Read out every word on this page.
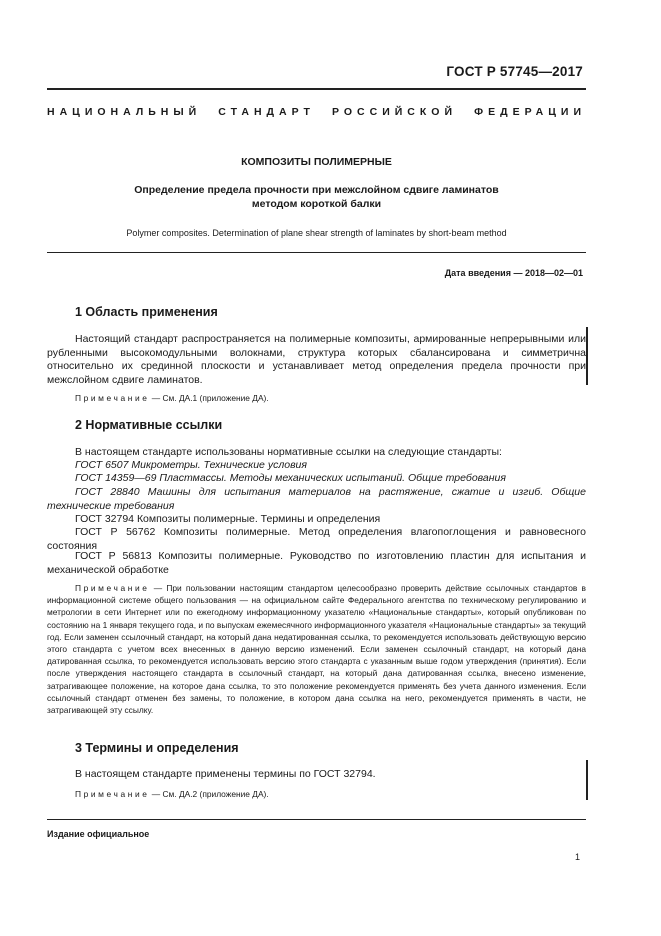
ГОСТ Р 57745—2017
НАЦИОНАЛЬНЫЙ СТАНДАРТ РОССИЙСКОЙ ФЕДЕРАЦИИ
КОМПОЗИТЫ ПОЛИМЕРНЫЕ
Определение предела прочности при межслойном сдвиге ламинатов
методом короткой балки
Polymer composites. Determination of plane shear strength of laminates by short-beam method
Дата введения — 2018—02—01
1 Область применения
Настоящий стандарт распространяется на полимерные композиты, армированные непрерывными или рубленными высокомодульными волокнами, структура которых сбалансирована и симметрична относительно их срединной плоскости и устанавливает метод определения предела прочности при межслойном сдвиге ламинатов.
Примечание — См. ДА.1 (приложение ДА).
2 Нормативные ссылки
В настоящем стандарте использованы нормативные ссылки на следующие стандарты:
ГОСТ 6507 Микрометры. Технические условия
ГОСТ 14359—69 Пластмассы. Методы механических испытаний. Общие требования
ГОСТ 28840 Машины для испытания материалов на растяжение, сжатие и изгиб. Общие технические требования
ГОСТ 32794 Композиты полимерные. Термины и определения
ГОСТ Р 56762 Композиты полимерные. Метод определения влагопоглощения и равновесного состояния
ГОСТ Р 56813 Композиты полимерные. Руководство по изготовлению пластин для испытания и механической обработке
Примечание — При пользовании настоящим стандартом целесообразно проверить действие ссылочных стандартов в информационной системе общего пользования — на официальном сайте Федерального агентства по техническому регулированию и метрологии в сети Интернет или по ежегодному информационному указателю «Национальные стандарты», который опубликован по состоянию на 1 января текущего года, и по выпускам ежемесячного информационного указателя «Национальные стандарты» за текущий год. Если заменен ссылочный стандарт, на который дана недатированная ссылка, то рекомендуется использовать действующую версию этого стандарта с учетом всех внесенных в данную версию изменений. Если заменен ссылочный стандарт, на который дана датированная ссылка, то рекомендуется использовать версию этого стандарта с указанным выше годом утверждения (принятия). Если после утверждения настоящего стандарта в ссылочный стандарт, на который дана датированная ссылка, внесено изменение, затрагивающее положение, на которое дана ссылка, то это положение рекомендуется применять без учета данного изменения. Если ссылочный стандарт отменен без замены, то положение, в котором дана ссылка на него, рекомендуется применять в части, не затрагивающей эту ссылку.
3 Термины и определения
В настоящем стандарте применены термины по ГОСТ 32794.
Примечание — См. ДА.2 (приложение ДА).
Издание официальное
1
